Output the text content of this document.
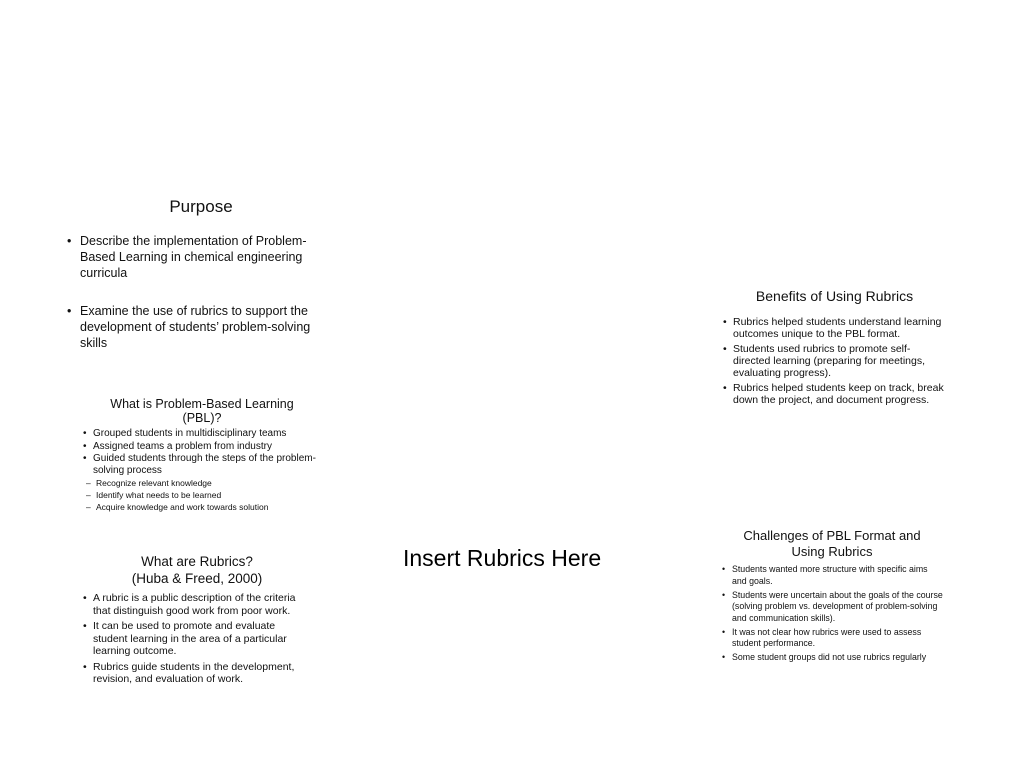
Purpose
• Describe the implementation of Problem-Based Learning in chemical engineering curricula
• Examine the use of rubrics to support the development of students’ problem-solving skills
What is Problem-Based Learning
(PBL)?
• Grouped students in multidisciplinary teams
• Assigned teams a problem from industry
• Guided students through the steps of the problem-solving process
– Recognize relevant knowledge
– Identify what needs to be learned
– Acquire knowledge and work towards solution
What are Rubrics?
(Huba & Freed, 2000)
• A rubric is a public description of the criteria that distinguish good work from poor work.
• It can be used to promote and evaluate student learning in the area of a particular learning outcome.
• Rubrics guide students in the development, revision, and evaluation of work.
Insert Rubrics Here
Benefits of Using Rubrics
• Rubrics helped students understand learning outcomes unique to the PBL format.
• Students used rubrics to promote self-directed learning (preparing for meetings, evaluating progress).
• Rubrics helped students keep on track, break down the project, and document progress.
Challenges of PBL Format and
Using Rubrics
• Students wanted more structure with specific aims and goals.
• Students were uncertain about the goals of the course (solving problem vs. development of problem-solving and communication skills).
• It was not clear how rubrics were used to assess student performance.
• Some student groups did not use rubrics regularly
